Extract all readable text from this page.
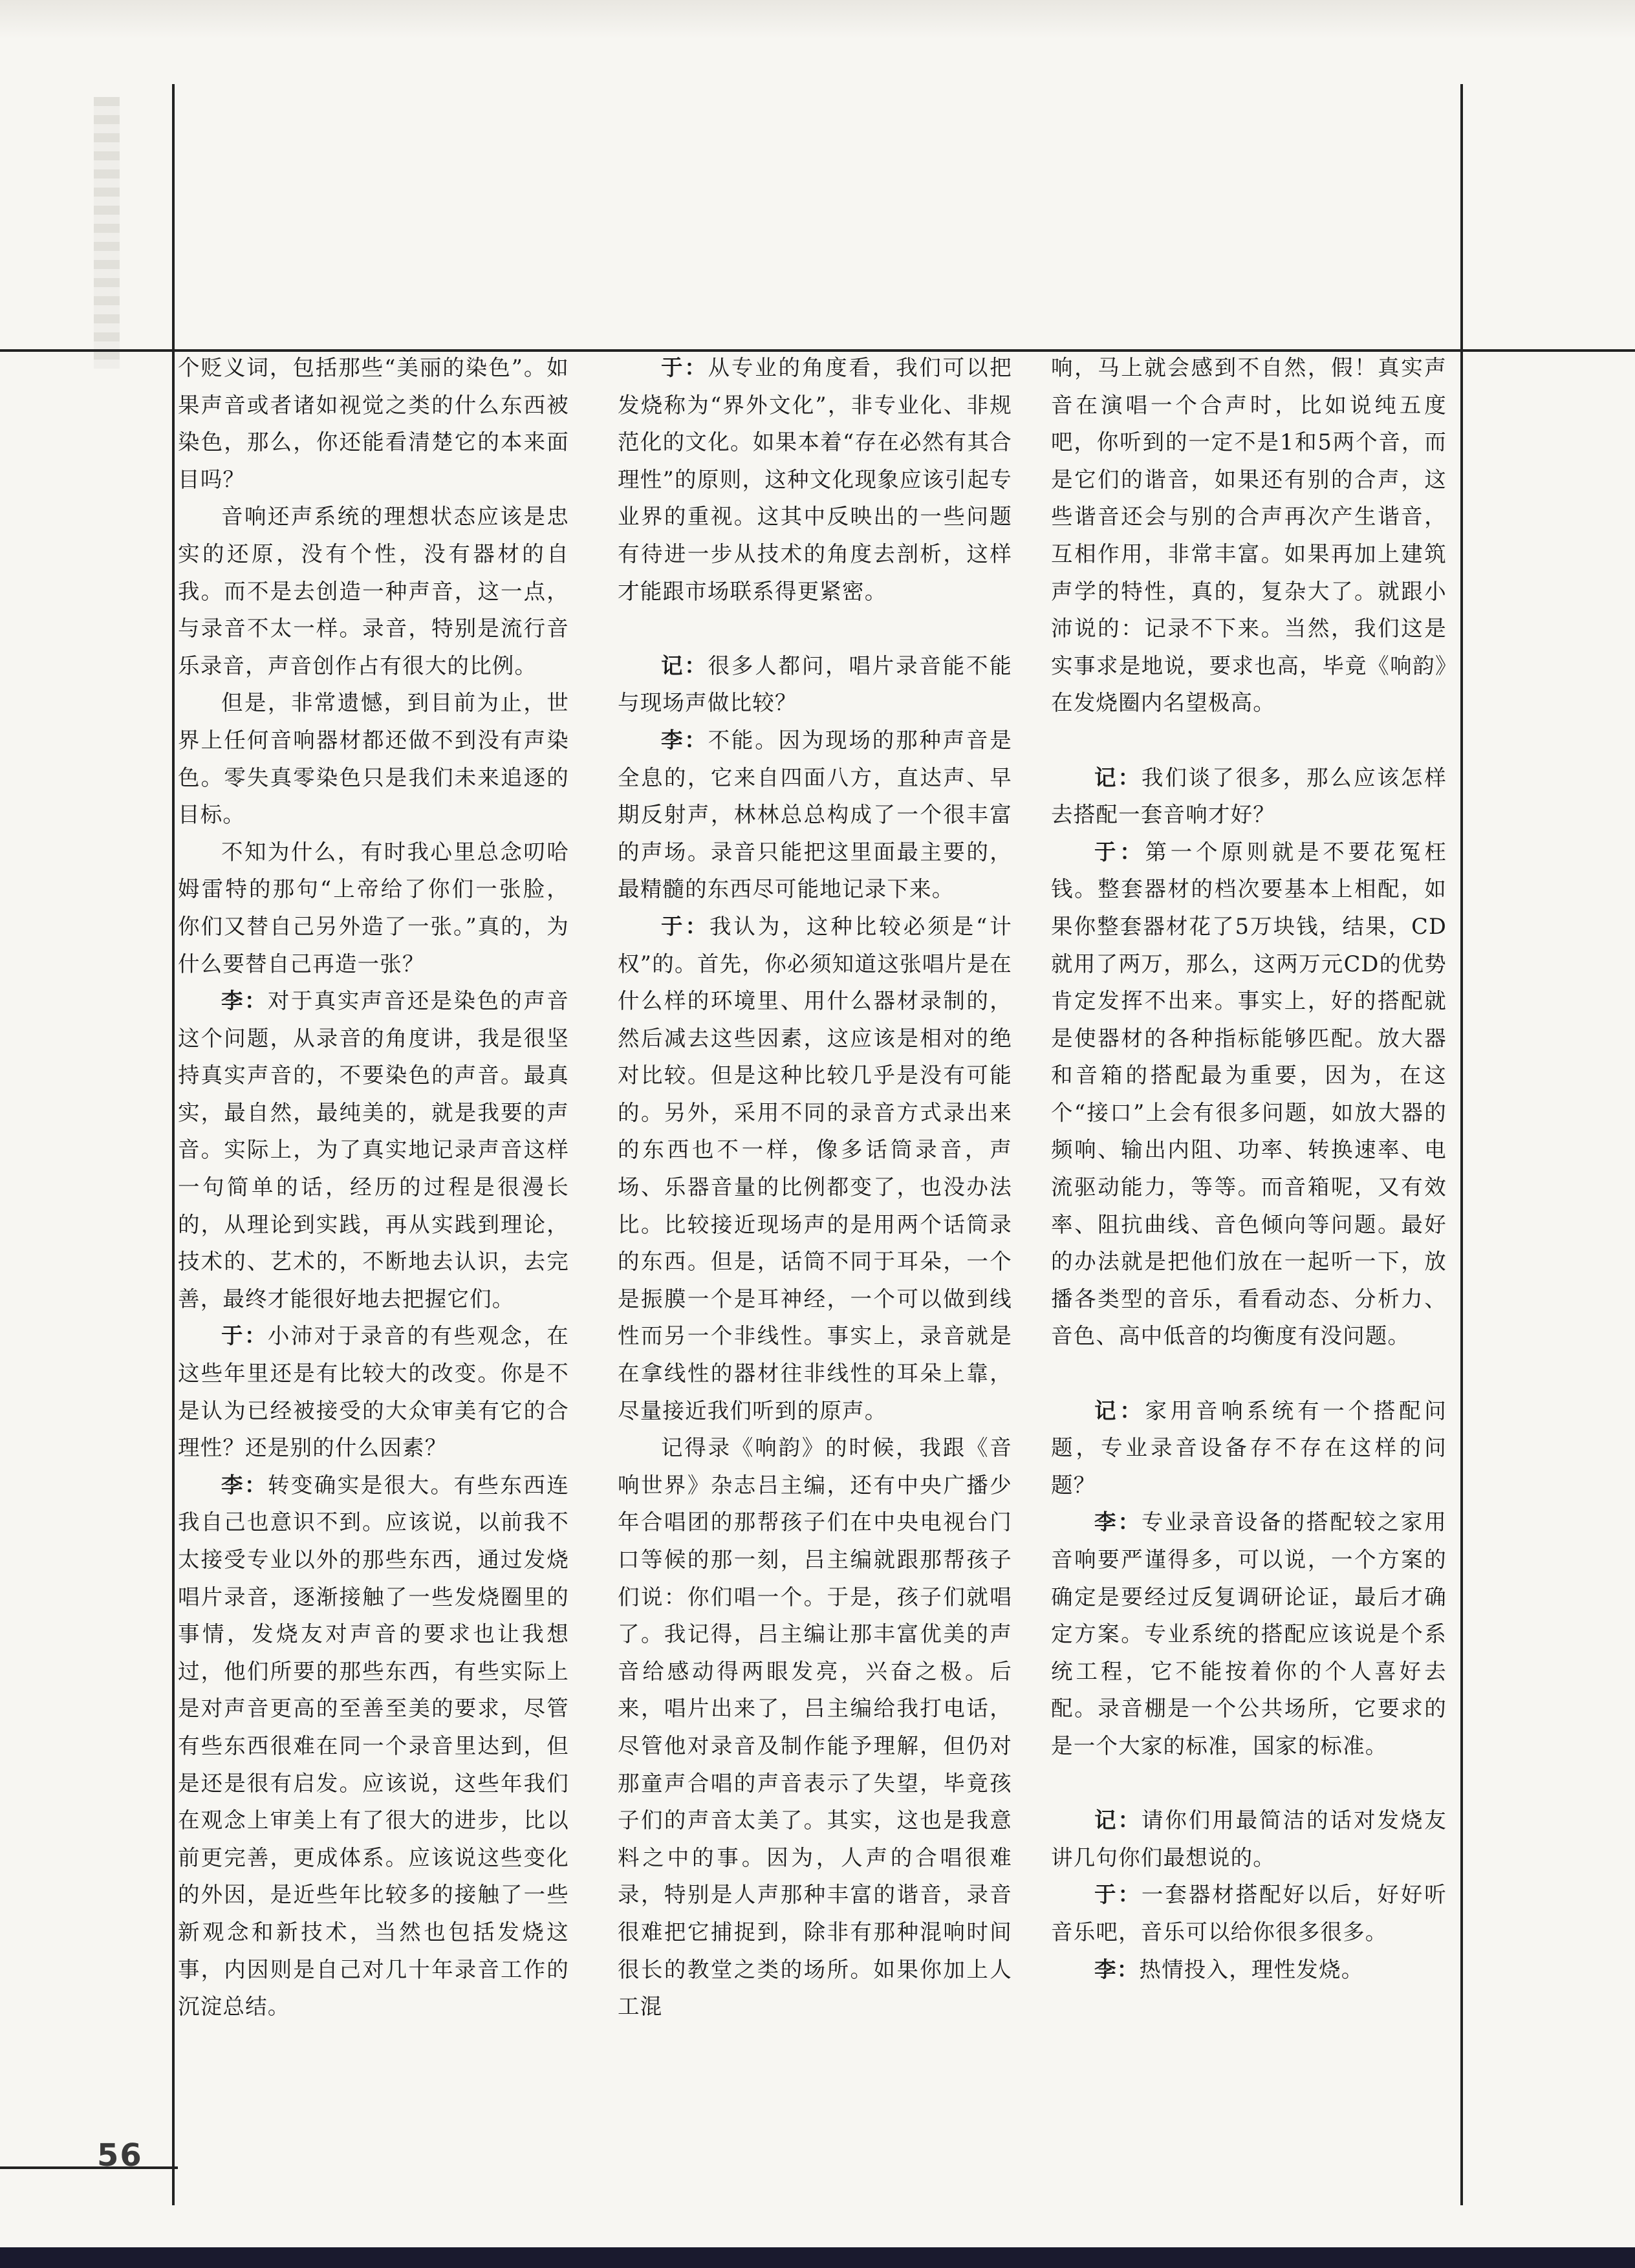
个贬义词，包括那些“美丽的染色”。如果声音或者诸如视觉之类的什么东西被染色，那么，你还能看清楚它的本来面目吗？

音响还声系统的理想状态应该是忠实的还原，没有个性，没有器材的自我。而不是去创造一种声音，这一点，与录音不太一样。录音，特别是流行音乐录音，声音创作占有很大的比例。

但是，非常遗憾，到目前为止，世界上任何音响器材都还做不到没有声染色。零失真零染色只是我们未来追逐的目标。

不知为什么，有时我心里总念叨哈姆雷特的那句“上帝给了你们一张脸，你们又替自己另外造了一张。”真的，为什么要替自己再造一张？

李：对于真实声音还是染色的声音这个问题，从录音的角度讲，我是很坚持真实声音的，不要染色的声音。最真实，最自然，最纯美的，就是我要的声音。实际上，为了真实地记录声音这样一句简单的话，经历的过程是很漫长的，从理论到实践，再从实践到理论，技术的、艺术的，不断地去认识，去完善，最终才能很好地去把握它们。

于：小沛对于录音的有些观念，在这些年里还是有比较大的改变。你是不是认为已经被接受的大众审美有它的合理性？还是别的什么因素？

李：转变确实是很大。有些东西连我自己也意识不到。应该说，以前我不太接受专业以外的那些东西，通过发烧唱片录音，逐渐接触了一些发烧圈里的事情，发烧友对声音的要求也让我想过，他们所要的那些东西，有些实际上是对声音更高的至善至美的要求，尽管有些东西很难在同一个录音里达到，但是还是很有启发。应该说，这些年我们在观念上审美上有了很大的进步，比以前更完善，更成体系。应该说这些变化的外因，是近些年比较多的接触了一些新观念和新技术，当然也包括发烧这事，内因则是自己对几十年录音工作的沉淀总结。

于：从专业的角度看，我们可以把发烧称为“界外文化”，非专业化、非规范化的文化。如果本着“存在必然有其合理性”的原则，这种文化现象应该引起专业界的重视。这其中反映出的一些问题有待进一步从技术的角度去剖析，这样才能跟市场联系得更紧密。

记：很多人都问，唱片录音能不能与现场声做比较？

李：不能。因为现场的那种声音是全息的，它来自四面八方，直达声、早期反射声，林林总总构成了一个很丰富的声场。录音只能把这里面最主要的，最精髓的东西尽可能地记录下来。

于：我认为，这种比较必须是“计权”的。首先，你必须知道这张唱片是在什么样的环境里、用什么器材录制的，然后减去这些因素，这应该是相对的绝对比较。但是这种比较几乎是没有可能的。另外，采用不同的录音方式录出来的东西也不一样，像多话筒录音，声场、乐器音量的比例都变了，也没办法比。比较接近现场声的是用两个话筒录的东西。但是，话筒不同于耳朵，一个是振膜一个是耳神经，一个可以做到线性而另一个非线性。事实上，录音就是在拿线性的器材往非线性的耳朵上靠，尽量接近我们听到的原声。

记得录《响韵》的时候，我跟《音响世界》杂志吕主编，还有中央广播少年合唱团的那帮孩子们在中央电视台门口等候的那一刻，吕主编就跟那帮孩子们说：你们唱一个。于是，孩子们就唱了。我记得，吕主编让那丰富优美的声音给感动得两眼发亮，兴奋之极。后来，唱片出来了，吕主编给我打电话，尽管他对录音及制作能予理解，但仍对那童声合唱的声音表示了失望，毕竟孩子们的声音太美了。其实，这也是我意料之中的事。因为，人声的合唱很难录，特别是人声那种丰富的谐音，录音很难把它捕捉到，除非有那种混响时间很长的教堂之类的场所。如果你加上人工混

响，马上就会感到不自然，假！真实声音在演唱一个合声时，比如说纯五度吧，你听到的一定不是1和5两个音，而是它们的谐音，如果还有别的合声，这些谐音还会与别的合声再次产生谐音，互相作用，非常丰富。如果再加上建筑声学的特性，真的，复杂大了。就跟小沛说的：记录不下来。当然，我们这是实事求是地说，要求也高，毕竟《响韵》在发烧圈内名望极高。

记：我们谈了很多，那么应该怎样去搭配一套音响才好？

于：第一个原则就是不要花冤枉钱。整套器材的档次要基本上相配，如果你整套器材花了5万块钱，结果，CD就用了两万，那么，这两万元CD的优势肯定发挥不出来。事实上，好的搭配就是使器材的各种指标能够匹配。放大器和音箱的搭配最为重要，因为，在这个“接口”上会有很多问题，如放大器的频响、输出内阻、功率、转换速率、电流驱动能力，等等。而音箱呢，又有效率、阻抗曲线、音色倾向等问题。最好的办法就是把他们放在一起听一下，放播各类型的音乐，看看动态、分析力、音色、高中低音的均衡度有没问题。

记：家用音响系统有一个搭配问题，专业录音设备存不存在这样的问题？

李：专业录音设备的搭配较之家用音响要严谨得多，可以说，一个方案的确定是要经过反复调研论证，最后才确定方案。专业系统的搭配应该说是个系统工程，它不能按着你的个人喜好去配。录音棚是一个公共场所，它要求的是一个大家的标准，国家的标准。

记：请你们用最简洁的话对发烧友讲几句你们最想说的。

于：一套器材搭配好以后，好好听音乐吧，音乐可以给你很多很多。

李：热情投入，理性发烧。

56
